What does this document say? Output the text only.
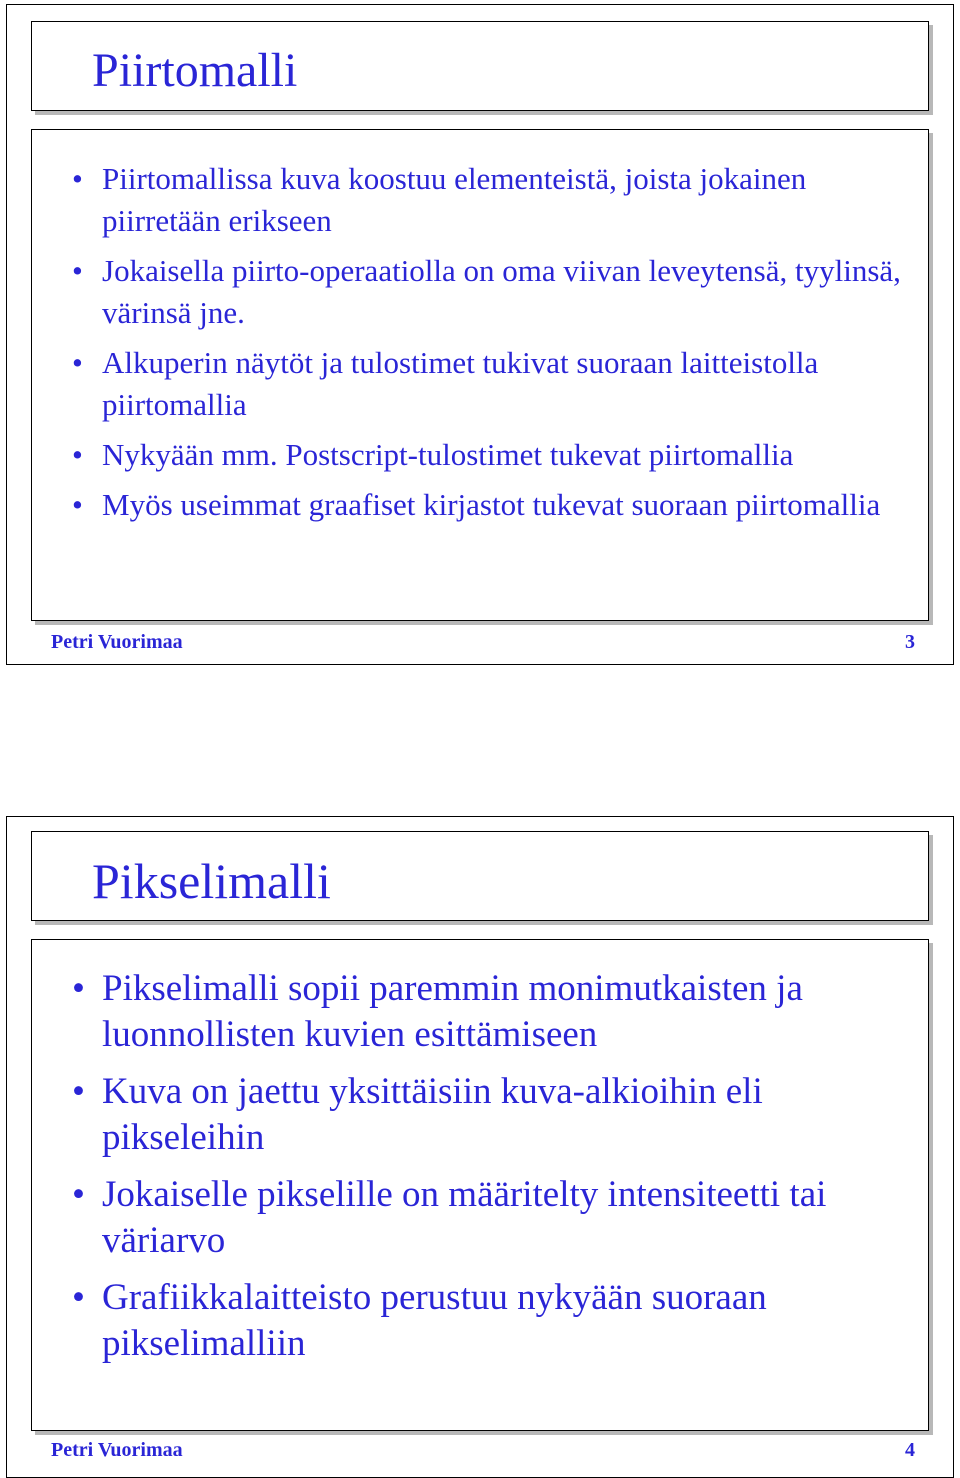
Piirtomalli
• Piirtomallissa kuva koostuu elementeistä, joista jokainen piirretään erikseen
• Jokaisella piirto-operaatiolla on oma viivan leveytensä, tyylinsä, värinsä jne.
• Alkuperin näytöt ja tulostimet tukivat suoraan laitteistolla piirtomallia
• Nykyään mm. Postscript-tulostimet tukevat piirtomallia
• Myös useimmat graafiset kirjastot tukevat suoraan piirtomallia
Petri Vuorimaa	3
Pikselimalli
• Pikselimalli sopii paremmin monimutkaisten ja luonnollisten kuvien esittämiseen
• Kuva on jaettu yksittäisiin kuva-alkioihin eli pikseleihin
• Jokaiselle pikselille on määritelty intensiteetti tai väriarvo
• Grafiikkalaitteisto perustuu nykyään suoraan pikselimalliin
Petri Vuorimaa	4
